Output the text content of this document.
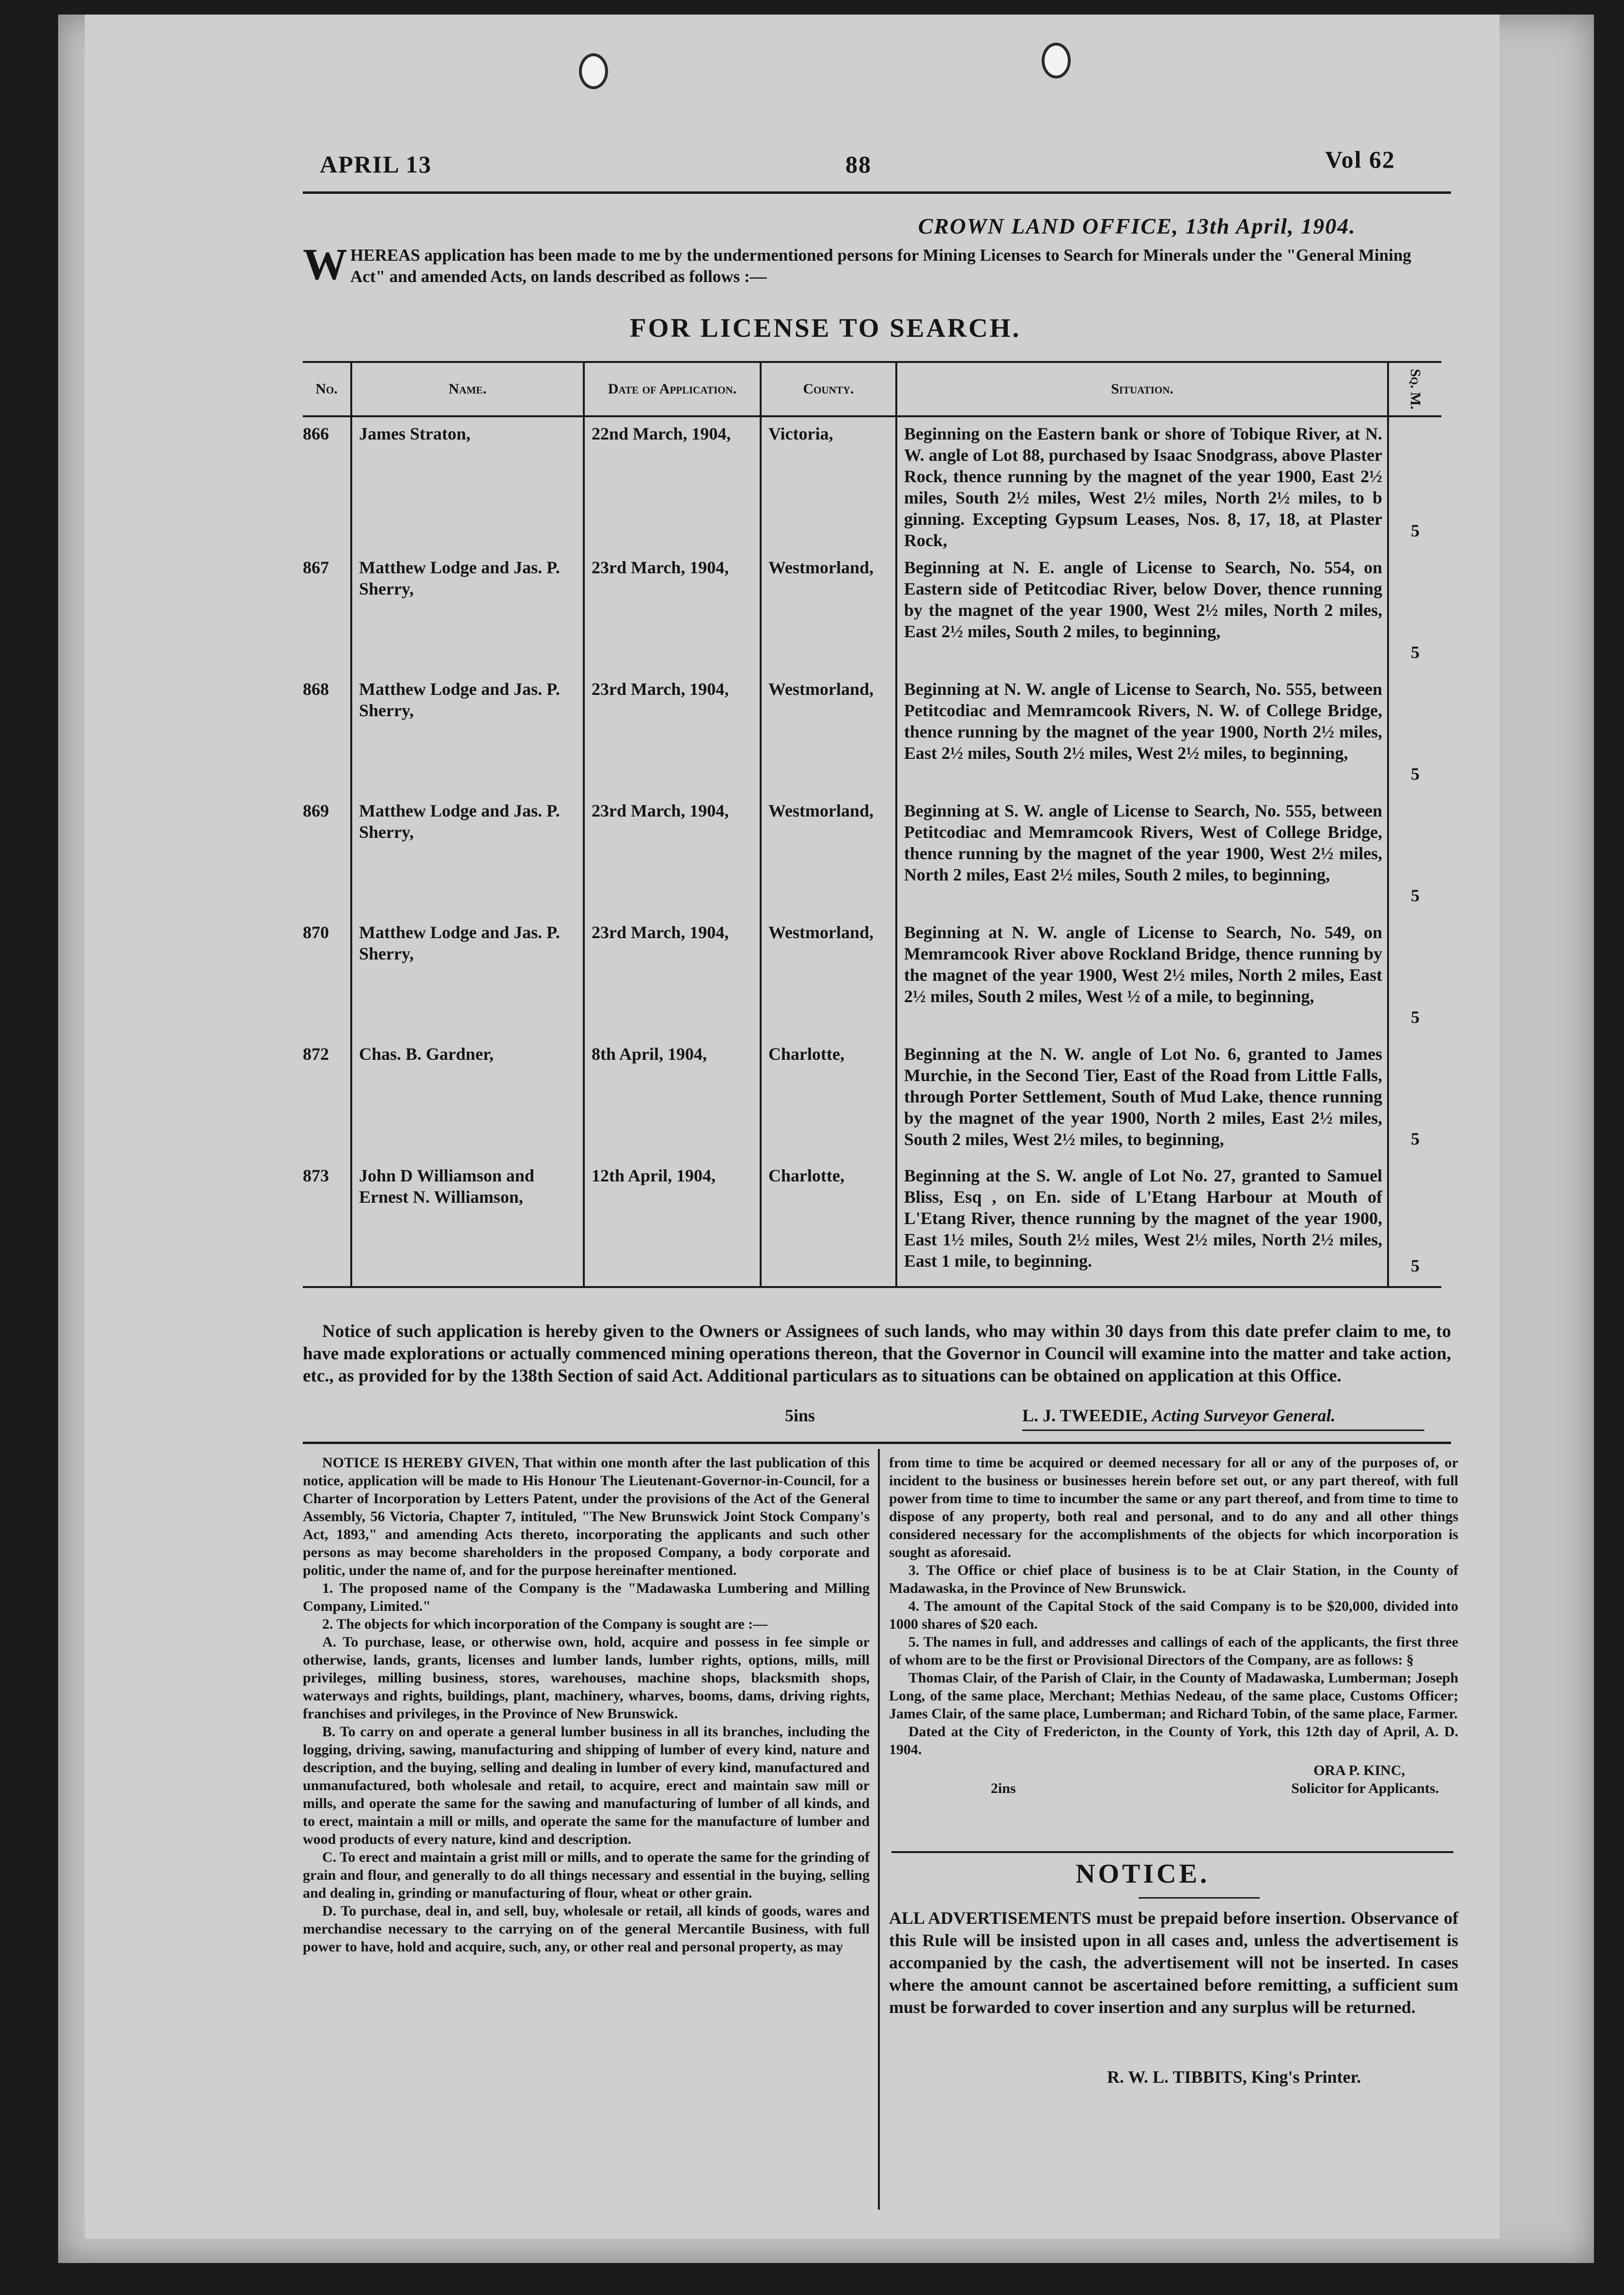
APRIL 13	88	Vol 62
CROWN LAND OFFICE, 13th April, 1904.
W HEREAS application has been made to me by the undermentioned persons for Mining Licenses to Search for Minerals under the "General Mining Act" and amended Acts, on lands described as follows :—
FOR LICENSE TO SEARCH.
No.	Name.	Date of Application.	County.	Situation.	Sq. M.
866	James Straton,	22nd March, 1904,	Victoria,	Beginning on the Eastern bank or shore of Tobique River, at N. W. angle of Lot 88, purchased by Isaac Snodgrass, above Plaster Rock, thence running by the magnet of the year 1900, East 2½ miles, South 2½ miles, West 2½ miles, North 2½ miles, to b ginning. Excepting Gypsum Leases, Nos. 8, 17, 18, at Plaster Rock,	5
867	Matthew Lodge and Jas. P. Sherry,	23rd March, 1904,	Westmorland,	Beginning at N. E. angle of License to Search, No. 554, on Eastern side of Petitcodiac River, below Dover, thence running by the magnet of the year 1900, West 2½ miles, North 2 miles, East 2½ miles, South 2 miles, to beginning,	5
868	Matthew Lodge and Jas. P. Sherry,	23rd March, 1904,	Westmorland,	Beginning at N. W. angle of License to Search, No. 555, between Petitcodiac and Memramcook Rivers, N. W. of College Bridge, thence running by the magnet of the year 1900, North 2½ miles, East 2½ miles, South 2½ miles, West 2½ miles, to beginning,	5
869	Matthew Lodge and Jas. P. Sherry,	23rd March, 1904,	Westmorland,	Beginning at S. W. angle of License to Search, No. 555, between Petitcodiac and Memramcook Rivers, West of College Bridge, thence running by the magnet of the year 1900, West 2½ miles, North 2 miles, East 2½ miles, South 2 miles, to beginning,	5
870	Matthew Lodge and Jas. P. Sherry,	23rd March, 1904,	Westmorland,	Beginning at N. W. angle of License to Search, No. 549, on Memramcook River above Rockland Bridge, thence running by the magnet of the year 1900, West 2½ miles, North 2 miles, East 2½ miles, South 2 miles, West ½ of a mile, to beginning,	5
872	Chas. B. Gardner,	8th April, 1904,	Charlotte,	Beginning at the N. W. angle of Lot No. 6, granted to James Murchie, in the Second Tier, East of the Road from Little Falls, through Porter Settlement, South of Mud Lake, thence running by the magnet of the year 1900, North 2 miles, East 2½ miles, South 2 miles, West 2½ miles, to beginning,	5
873	John D Williamson and Ernest N. Williamson,	12th April, 1904,	Charlotte,	Beginning at the S. W. angle of Lot No. 27, granted to Samuel Bliss, Esq , on En. side of L'Etang Harbour at Mouth of L'Etang River, thence running by the magnet of the year 1900, East 1½ miles, South 2½ miles, West 2½ miles, North 2½ miles, East 1 mile, to beginning.	5
Notice of such application is hereby given to the Owners or Assignees of such lands, who may within 30 days from this date prefer claim to me, to have made explorations or actually commenced mining operations thereon, that the Governor in Council will examine into the matter and take action, etc., as provided for by the 138th Section of said Act. Additional particulars as to situations can be obtained on application at this Office.
5ins	L. J. TWEEDIE, Acting Surveyor General.

NOTICE IS HEREBY GIVEN, That within one month after the last publication of this notice, application will be made to His Honour The Lieutenant-Governor-in-Council, for a Charter of Incorporation by Letters Patent, under the provisions of the Act of the General Assembly, 56 Victoria, Chapter 7, intituled, "The New Brunswick Joint Stock Company's Act, 1893," and amending Acts thereto, incorporating the applicants and such other persons as may become shareholders in the proposed Company, a body corporate and politic, under the name of, and for the purpose hereinafter mentioned.

1. The proposed name of the Company is the "Madawaska Lumbering and Milling Company, Limited."

2. The objects for which incorporation of the Company is sought are :—

A. To purchase, lease, or otherwise own, hold, acquire and possess in fee simple or otherwise, lands, grants, licenses and lumber lands, lumber rights, options, mills, mill privileges, milling business, stores, warehouses, machine shops, blacksmith shops, waterways and rights, buildings, plant, machinery, wharves, booms, dams, driving rights, franchises and privileges, in the Province of New Brunswick.

B. To carry on and operate a general lumber business in all its branches, including the logging, driving, sawing, manufacturing and shipping of lumber of every kind, nature and description, and the buying, selling and dealing in lumber of every kind, manufactured and unmanufactured, both wholesale and retail, to acquire, erect and maintain saw mill or mills, and operate the same for the sawing and manufacturing of lumber of all kinds, and to erect, maintain a mill or mills, and operate the same for the manufacture of lumber and wood products of every nature, kind and description.

C. To erect and maintain a grist mill or mills, and to operate the same for the grinding of grain and flour, and generally to do all things necessary and essential in the buying, selling and dealing in, grinding or manufacturing of flour, wheat or other grain.

D. To purchase, deal in, and sell, buy, wholesale or retail, all kinds of goods, wares and merchandise necessary to the carrying on of the general Mercantile Business, with full power to have, hold and acquire, such, any, or other real and personal property, as may

from time to time be acquired or deemed necessary for all or any of the purposes of, or incident to the business or businesses herein before set out, or any part thereof, with full power from time to time to incumber the same or any part thereof, and from time to time to dispose of any property, both real and personal, and to do any and all other things considered necessary for the accomplishments of the objects for which incorporation is sought as aforesaid.

3. The Office or chief place of business is to be at Clair Station, in the County of Madawaska, in the Province of New Brunswick.

4. The amount of the Capital Stock of the said Company is to be $20,000, divided into 1000 shares of $20 each.

5. The names in full, and addresses and callings of each of the applicants, the first three of whom are to be the first or Provisional Directors of the Company, are as follows: §

Thomas Clair, of the Parish of Clair, in the County of Madawaska, Lumberman; Joseph Long, of the same place, Merchant; Methias Nedeau, of the same place, Customs Officer; James Clair, of the same place, Lumberman; and Richard Tobin, of the same place, Farmer.

Dated at the City of Fredericton, in the County of York, this 12th day of April, A. D. 1904.

ORA P. KINC,
2ins	Solicitor for Applicants.
NOTICE.
ALL ADVERTISEMENTS must be prepaid before insertion. Observance of this Rule will be insisted upon in all cases and, unless the advertisement is accompanied by the cash, the advertisement will not be inserted. In cases where the amount cannot be ascertained before remitting, a sufficient sum must be forwarded to cover insertion and any surplus will be returned.
R. W. L. TIBBITS, King's Printer.
